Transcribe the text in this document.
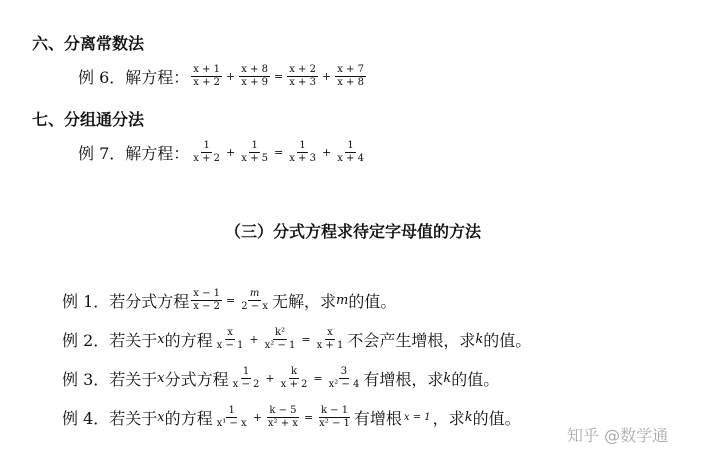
六、分离常数法
例 6．解方程： $\frac{x + 1}{x + 2} + \frac{x + 8}{x + 9} = \frac{x + 2}{x + 3} + \frac{x + 7}{x + 8}$
七、分组通分法
例 7．解方程： $\frac{1}{x + 2} + \frac{1}{x + 5} = \frac{1}{x + 3} + \frac{1}{x + 4}$
（三）分式方程求待定字母值的方法
例 1． 若分式方程 $\frac{x - 1}{x - 2} = \frac{m}{2 - x}$ 无解，求 m 的值。
例 2． 若关于 x 的方程 $\frac{x}{x - 1} + \frac{\text{k²}}{\text{x² − 1}} = \frac{x}{x + 1}$ 不会产生增根，求 k 的值。
例 3． 若关于 x 分式方程 $\frac{1}{x - 2} + \frac{k}{x + 2} = \frac{3}{\text{x² − 4}}$ 有增根，求 k 的值。
例 4． 若关于 x 的方程 $\frac{1}{\text{x¹ − x}} + \frac{k - 5}{\text{x² + x}} = \frac{k - 1}{\text{x² − 1}}$ 有增根 x = 1 ，求 k 的值。
知乎 @数学通
